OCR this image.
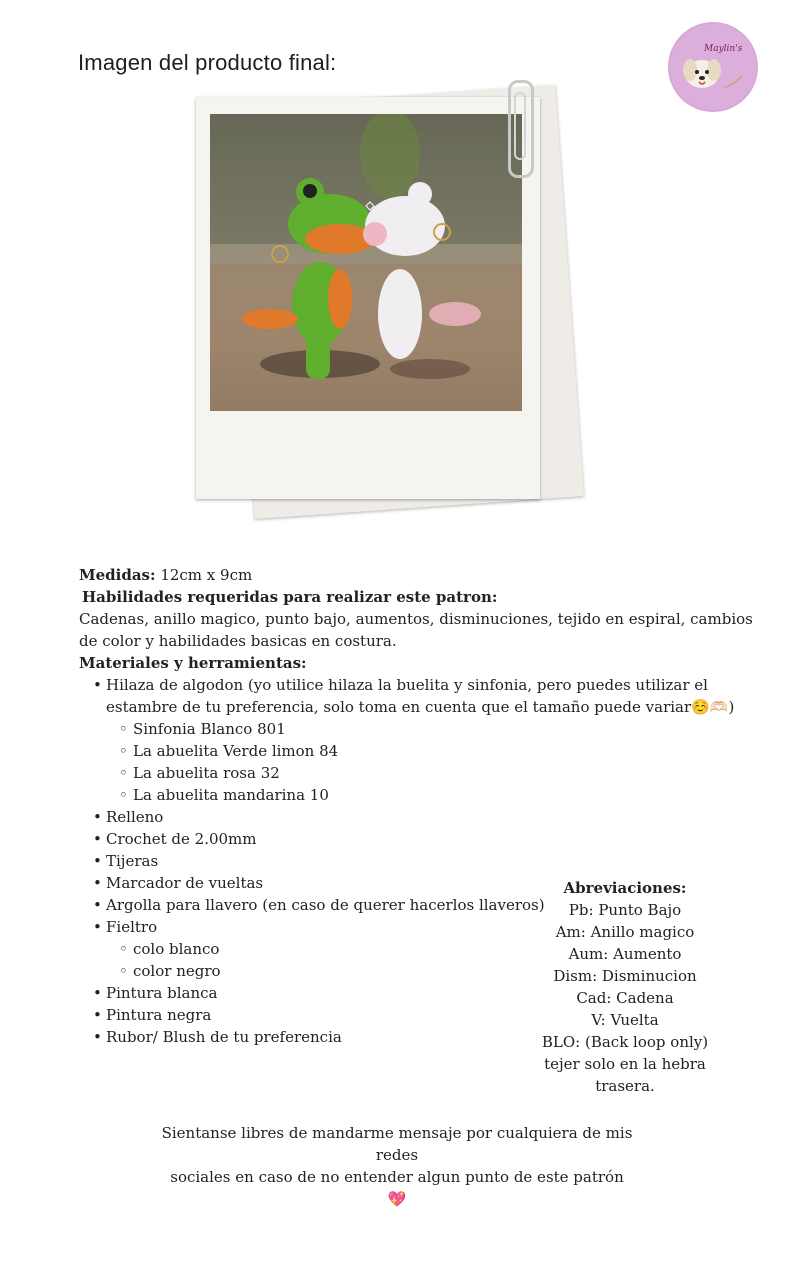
Imagen del producto final:
Maylin's
Medidas: 12cm x 9cm
Habilidades requeridas para realizar este patron:
Cadenas, anillo magico, punto bajo, aumentos, disminuciones, tejido en espiral, cambios
de color y habilidades basicas en costura.
Materiales y herramientas:
• Hilaza de algodon (yo utilice hilaza la buelita y sinfonia, pero puedes utilizar el
estambre de tu preferencia, solo toma en cuenta que el tamaño puede variar☺️🫶🏻)
◦ Sinfonia Blanco 801
◦ La abuelita Verde limon 84
◦ La abuelita rosa 32
◦ La abuelita mandarina 10
• Relleno
• Crochet de 2.00mm
• Tijeras
• Marcador de vueltas
• Argolla para llavero (en caso de querer hacerlos llaveros)
• Fieltro
◦ colo blanco
◦ color negro
• Pintura blanca
• Pintura negra
• Rubor/ Blush de tu preferencia
Abreviaciones:
Pb: Punto Bajo
Am: Anillo magico
Aum: Aumento
Dism: Disminucion
Cad: Cadena
V: Vuelta
BLO: (Back loop only)
tejer solo en la hebra
trasera.
Sientanse libres de mandarme mensaje por cualquiera de mis redes
sociales en caso de no entender algun punto de este patrón
💖
